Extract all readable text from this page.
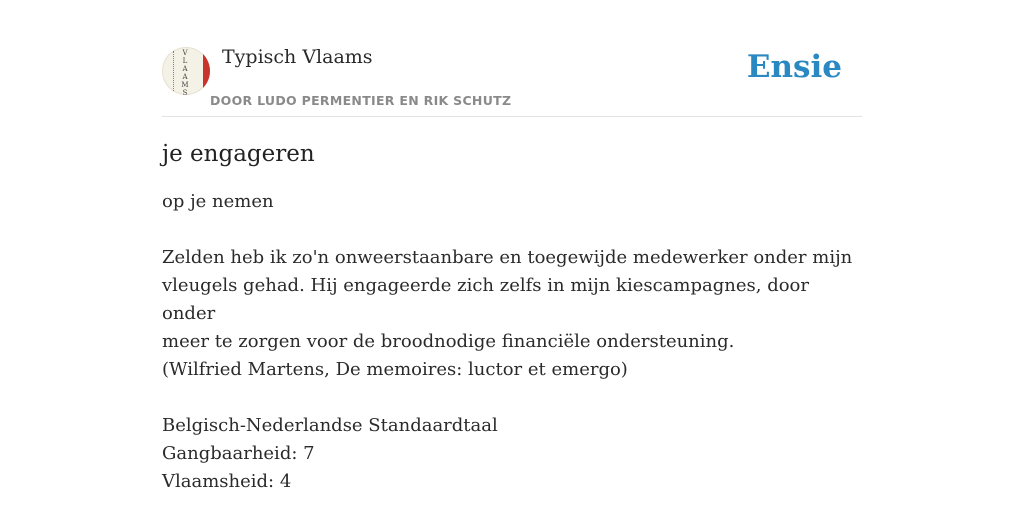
V
L
A
A
M
S
Typisch Vlaams
DOOR LUDO PERMENTIER EN RIK SCHUTZ
Ensie
je engageren

op je nemen

Zelden heb ik zo'n onweerstaanbare en toegewijde medewerker onder mijn

vleugels gehad. Hij engageerde zich zelfs in mijn kiescampagnes, door onder

meer te zorgen voor de broodnodige financiële ondersteuning.

(Wilfried Martens, De memoires: luctor et emergo)

Belgisch-Nederlandse Standaardtaal

Gangbaarheid: 7

Vlaamsheid: 4
